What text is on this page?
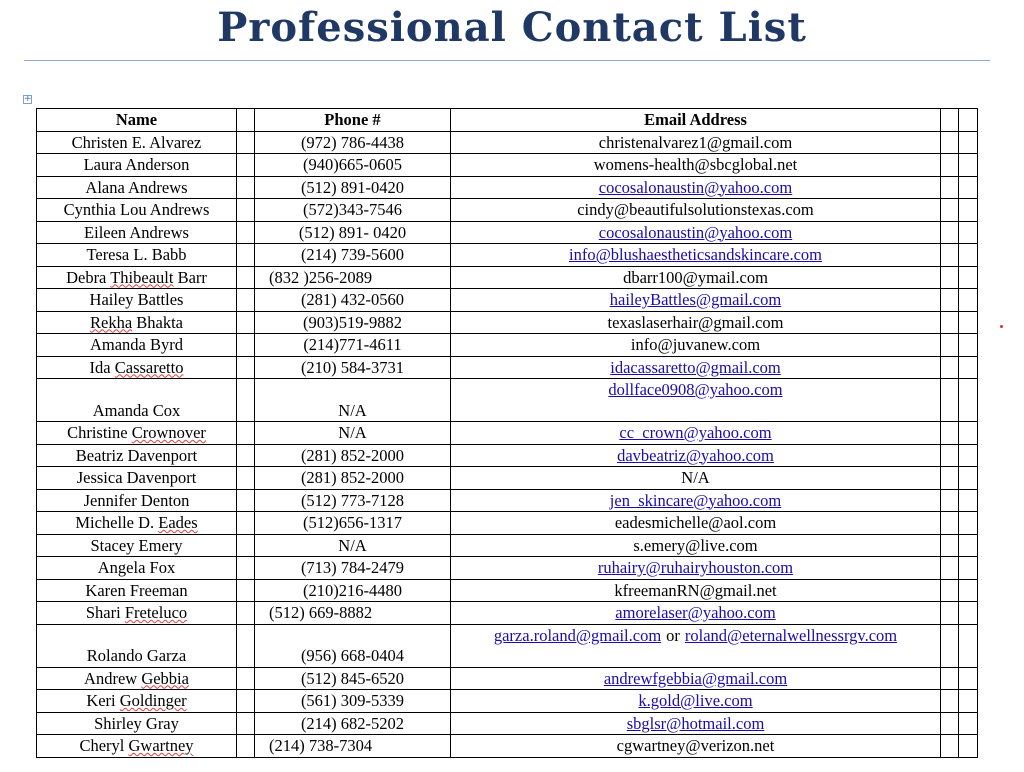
Professional Contact List
+
Name		Phone #	Email Address		
Christen E. Alvarez		(972) 786-4438	christenalvarez1@gmail.com		
Laura Anderson		(940)665-0605	womens-health@sbcglobal.net		
Alana Andrews		(512) 891-0420	cocosalonaustin@yahoo.com		
Cynthia Lou Andrews		(572)343-7546	cindy@beautifulsolutionstexas.com		
Eileen Andrews		(512) 891- 0420	cocosalonaustin@yahoo.com		
Teresa L. Babb		(214) 739-5600	info@blushaestheticsandskincare.com		
Debra Thibeault Barr		(832 )256-2089	dbarr100@ymail.com		
Hailey Battles		(281) 432-0560	haileyBattles@gmail.com		
Rekha Bhakta		(903)519-9882	texaslaserhair@gmail.com		
Amanda Byrd		(214)771-4611	info@juvanew.com		
Ida Cassaretto		(210) 584-3731	idacassaretto@gmail.com		
Amanda Cox		N/A	dollface0908@yahoo.com		
Christine Crownover		N/A	cc_crown@yahoo.com		
Beatriz Davenport		(281) 852-2000	davbeatriz@yahoo.com		
Jessica Davenport		(281) 852-2000	N/A		
Jennifer Denton		(512) 773-7128	jen_skincare@yahoo.com		
Michelle D. Eades		(512)656-1317	eadesmichelle@aol.com		
Stacey Emery		N/A	s.emery@live.com		
Angela Fox		(713) 784-2479	ruhairy@ruhairyhouston.com		
Karen Freeman		(210)216-4480	kfreemanRN@gmail.net		
Shari Freteluco		(512) 669-8882	amorelaser@yahoo.com		
Rolando Garza		(956) 668-0404	garza.roland@gmail.com or roland@eternalwellnessrgv.com		
Andrew Gebbia		(512) 845-6520	andrewfgebbia@gmail.com		
Keri Goldinger		(561) 309-5339	k.gold@live.com		
Shirley Gray		(214) 682-5202	sbglsr@hotmail.com		
Cheryl Gwartney		(214) 738-7304	cgwartney@verizon.net		
